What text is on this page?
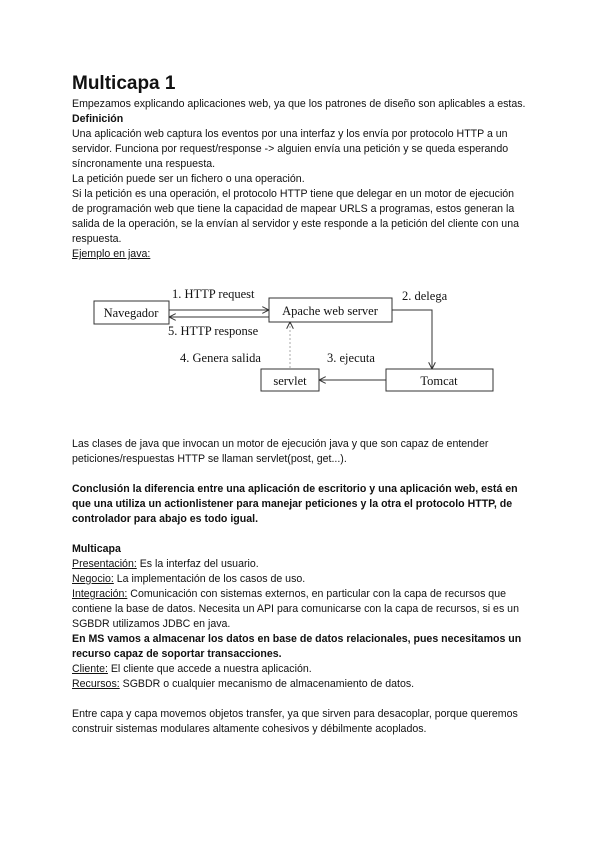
Multicapa 1

Empezamos explicando aplicaciones web, ya que los patrones de diseño son aplicables a estas.

Definición

Una aplicación web captura los eventos por una interfaz y los envía por protocolo HTTP a un servidor. Funciona por request/response -> alguien envía una petición y se queda esperando síncronamente una respuesta.

La petición puede ser un fichero o una operación.

Si la petición es una operación, el protocolo HTTP tiene que delegar en un motor de ejecución de programación web que tiene la capacidad de mapear URLS a programas, estos generan la salida de la operación, se la envían al servidor y este responde a la petición del cliente con una respuesta.

Ejemplo en java:

Navegador	Apache web server
Tomcat
servlet
1. HTTP request	2. delega
3. ejecuta
4. Genera salida
5. HTTP response

Las clases de java que invocan un motor de ejecución java y que son capaz de entender peticiones/respuestas HTTP se llaman servlet(post, get...).

Conclusión la diferencia entre una aplicación de escritorio y una aplicación web, está en que una utiliza un actionlistener para manejar peticiones y la otra el protocolo HTTP, de controlador para abajo es todo igual.

Multicapa

Presentación: Es la interfaz del usuario.

Negocio: La implementación de los casos de uso.

Integración: Comunicación con sistemas externos, en particular con la capa de recursos que contiene la base de datos. Necesita un API para comunicarse con la capa de recursos, si es un SGBDR utilizamos JDBC en java.

En MS vamos a almacenar los datos en base de datos relacionales, pues necesitamos un recurso capaz de soportar transacciones.

Cliente: El cliente que accede a nuestra aplicación.

Recursos: SGBDR o cualquier mecanismo de almacenamiento de datos.

Entre capa y capa movemos objetos transfer, ya que sirven para desacoplar, porque queremos construir sistemas modulares altamente cohesivos y débilmente acoplados.
